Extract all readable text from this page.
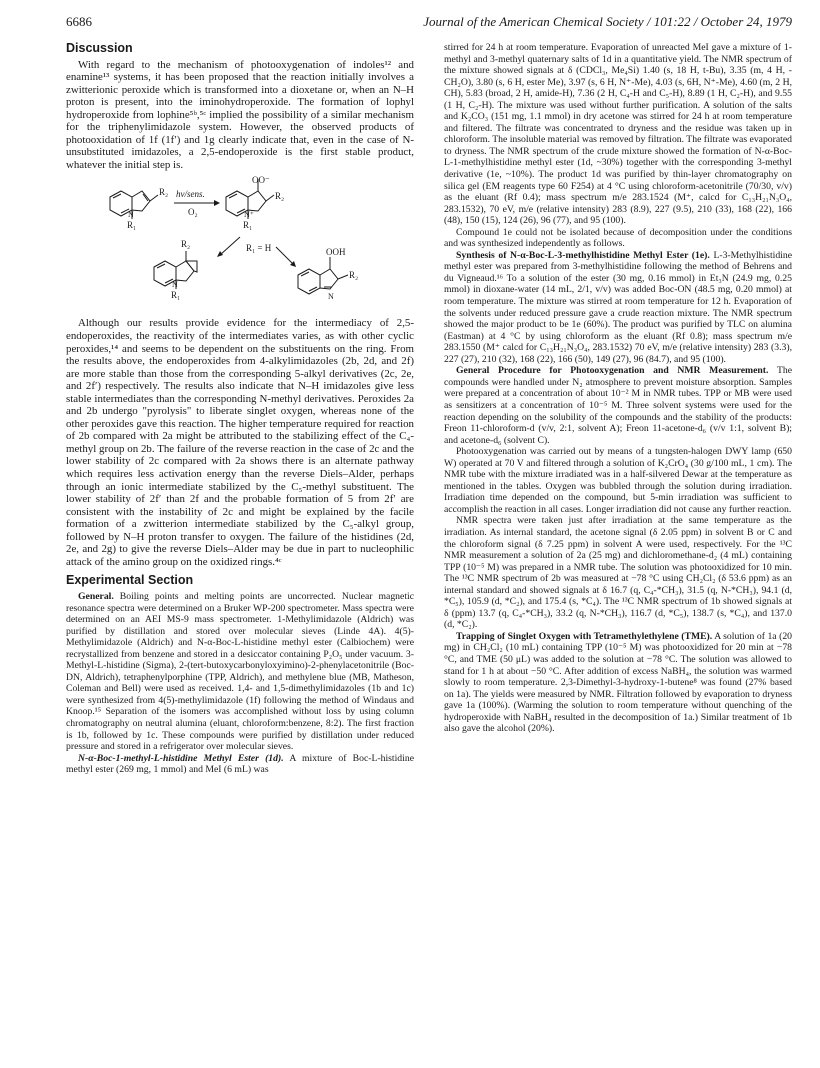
6686	Journal of the American Chemical Society / 101:22 / October 24, 1979
Discussion

With regard to the mechanism of photooxygenation of indoles¹² and enamine¹³ systems, it has been proposed that the reaction initially involves a zwitterionic peroxide which is transformed into a dioxetane or, when an N–H proton is present, into the iminohydroperoxide. The formation of lophyl hydroperoxide from lophine⁵ᵇ,⁵ᶜ implied the possibility of a similar mechanism for the triphenylimidazole system. However, the observed products of photooxidation of 1f (1f′) and 1g clearly indicate that, even in the case of N-unsubstituted imidazoles, a 2,5-endoperoxide is the first stable product, whatever the initial step is.

R₂
N
R₁
hν/sens.
O₂
OO⁻
R₂
N⁺
R₁
R₁ = H
R₂
N
R₁
OOH
R₂
N

Although our results provide evidence for the intermediacy of 2,5-endoperoxides, the reactivity of the intermediates varies, as with other cyclic peroxides,¹⁴ and seems to be dependent on the substituents on the ring. From the results above, the endoperoxides from 4-alkylimidazoles (2b, 2d, and 2f) are more stable than those from the corresponding 5-alkyl derivatives (2c, 2e, and 2f′) respectively. The results also indicate that N–H imidazoles give less stable intermediates than the corresponding N-methyl derivatives. Peroxides 2a and 2b undergo "pyrolysis" to liberate singlet oxygen, whereas none of the other peroxides gave this reaction. The higher temperature required for reaction of 2b compared with 2a might be attributed to the stabilizing effect of the C₄-methyl group on 2b. The failure of the reverse reaction in the case of 2c and the lower stability of 2c compared with 2a shows there is an alternate pathway which requires less activation energy than the reverse Diels–Alder, perhaps through an ionic intermediate stabilized by the C₅-methyl substituent. The lower stability of 2f′ than 2f and the probable formation of 5 from 2f′ are consistent with the instability of 2c and might be explained by the facile formation of a zwitterion intermediate stabilized by the C₅-alkyl group, followed by N–H proton transfer to oxygen. The failure of the histidines (2d, 2e, and 2g) to give the reverse Diels–Alder may be due in part to nucleophilic attack of the amino group on the oxidized rings.⁴ᶜ

Experimental Section

General. Boiling points and melting points are uncorrected. Nuclear magnetic resonance spectra were determined on a Bruker WP-200 spectrometer. Mass spectra were determined on an AEI MS-9 mass spectrometer. 1-Methylimidazole (Aldrich) was purified by distillation and stored over molecular sieves (Linde 4A). 4(5)-Methylimidazole (Aldrich) and N-α-Boc-L-histidine methyl ester (Calbiochem) were recrystallized from benzene and stored in a desiccator containing P₂O₅ under vacuum. 3-Methyl-L-histidine (Sigma), 2-(tert-butoxycarbonyloxyimino)-2-phenylacetonitrile (Boc-DN, Aldrich), tetraphenylporphine (TPP, Aldrich), and methylene blue (MB, Matheson, Coleman and Bell) were used as received. 1,4- and 1,5-dimethylimidazoles (1b and 1c) were synthesized from 4(5)-methylimidazole (1f) following the method of Windaus and Knoop.¹⁵ Separation of the isomers was accomplished without loss by using column chromatography on neutral alumina (eluant, chloroform:benzene, 8:2). The first fraction is 1b, followed by 1c. These compounds were purified by distillation under reduced pressure and stored in a refrigerator over molecular sieves.

N-α-Boc-1-methyl-L-histidine Methyl Ester (1d). A mixture of Boc-L-histidine methyl ester (269 mg, 1 mmol) and MeI (6 mL) was

stirred for 24 h at room temperature. Evaporation of unreacted MeI gave a mixture of 1-methyl and 3-methyl quaternary salts of 1d in a quantitative yield. The NMR spectrum of the mixture showed signals at δ (CDCl₃, Me₄Si) 1.40 (s, 18 H, t-Bu), 3.35 (m, 4 H, -CH₂O), 3.80 (s, 6 H, ester Me), 3.97 (s, 6 H, N⁺-Me), 4.03 (s, 6H, N⁺-Me), 4.60 (m, 2 H, CH), 5.83 (broad, 2 H, amide-H), 7.36 (2 H, C₄-H and C₅-H), 8.89 (1 H, C₂-H), and 9.55 (1 H, C₂-H). The mixture was used without further purification. A solution of the salts and K₂CO₃ (151 mg, 1.1 mmol) in dry acetone was stirred for 24 h at room temperature and filtered. The filtrate was concentrated to dryness and the residue was taken up in chloroform. The insoluble material was removed by filtration. The filtrate was evaporated to dryness. The NMR spectrum of the crude mixture showed the formation of N-α-Boc-L-1-methylhistidine methyl ester (1d, ~30%) together with the corresponding 3-methyl derivative (1e, ~10%). The product 1d was purified by thin-layer chromatography on silica gel (EM reagents type 60 F254) at 4 °C using chloroform-acetonitrile (70/30, v/v) as the eluant (Rf 0.4); mass spectrum m/e 283.1524 (M⁺, calcd for C₁₃H₂₁N₃O₄, 283.1532), 70 eV, m/e (relative intensity) 283 (8.9), 227 (9.5), 210 (33), 168 (22), 166 (48), 150 (15), 124 (26), 96 (77), and 95 (100).

Compound 1e could not be isolated because of decomposition under the conditions and was synthesized independently as follows.

Synthesis of N-α-Boc-L-3-methylhistidine Methyl Ester (1e). L-3-Methylhistidine methyl ester was prepared from 3-methylhistidine following the method of Behrens and du Vigneaud.¹⁶ To a solution of the ester (30 mg, 0.16 mmol) in Et₃N (24.9 mg, 0.25 mmol) in dioxane-water (14 mL, 2/1, v/v) was added Boc-ON (48.5 mg, 0.20 mmol) at room temperature. The mixture was stirred at room temperature for 12 h. Evaporation of the solvents under reduced pressure gave a crude reaction mixture. The NMR spectrum showed the major product to be 1e (60%). The product was purified by TLC on alumina (Eastman) at 4 °C by using chloroform as the eluant (Rf 0.8); mass spectrum m/e 283.1550 (M⁺ calcd for C₁₃H₂₁N₃O₄, 283.1532) 70 eV, m/e (relative intensity) 283 (3.3), 227 (27), 210 (32), 168 (22), 166 (50), 149 (27), 96 (84.7), and 95 (100).

General Procedure for Photooxygenation and NMR Measurement. The compounds were handled under N₂ atmosphere to prevent moisture absorption. Samples were prepared at a concentration of about 10⁻² M in NMR tubes. TPP or MB were used as sensitizers at a concentration of 10⁻⁵ M. Three solvent systems were used for the reaction depending on the solubility of the compounds and the stability of the products: Freon 11-chloroform-d (v/v, 2:1, solvent A); Freon 11-acetone-d₆ (v/v 1:1, solvent B); and acetone-d₆ (solvent C).

Photooxygenation was carried out by means of a tungsten-halogen DWY lamp (650 W) operated at 70 V and filtered through a solution of K₂CrO₄ (30 g/100 mL, 1 cm). The NMR tube with the mixture irradiated was in a half-silvered Dewar at the temperature as mentioned in the tables. Oxygen was bubbled through the solution during irradiation. Irradiation time depended on the compound, but 5-min irradiation was sufficient to accomplish the reaction in all cases. Longer irradiation did not cause any further reaction.

NMR spectra were taken just after irradiation at the same temperature as the irradiation. As internal standard, the acetone signal (δ 2.05 ppm) in solvent B or C and the chloroform signal (δ 7.25 ppm) in solvent A were used, respectively. For the ¹³C NMR measurement a solution of 2a (25 mg) and dichloromethane-d₂ (4 mL) containing TPP (10⁻⁵ M) was prepared in a NMR tube. The solution was photooxidized for 10 min. The ¹³C NMR spectrum of 2b was measured at −78 °C using CH₂Cl₂ (δ 53.6 ppm) as an internal standard and showed signals at δ 16.7 (q, C₄-*CH₃), 31.5 (q, N-*CH₃), 94.1 (d, *C₅), 105.9 (d, *C₂), and 175.4 (s, *C₄). The ¹³C NMR spectrum of 1b showed signals at δ (ppm) 13.7 (q, C₄-*CH₃), 33.2 (q, N-*CH₃), 116.7 (d, *C₅), 138.7 (s, *C₄), and 137.0 (d, *C₂).

Trapping of Singlet Oxygen with Tetramethylethylene (TME). A solution of 1a (20 mg) in CH₂Cl₂ (10 mL) containing TPP (10⁻⁵ M) was photooxidized for 20 min at −78 °C, and TME (50 μL) was added to the solution at −78 °C. The solution was allowed to stand for 1 h at about −50 °C. After addition of excess NaBH₄, the solution was warmed slowly to room temperature. 2,3-Dimethyl-3-hydroxy-1-butene⁸ was found (27% based on 1a). The yields were measured by NMR. Filtration followed by evaporation to dryness gave 1a (100%). (Warming the solution to room temperature without quenching of the hydroperoxide with NaBH₄ resulted in the decomposition of 1a.) Similar treatment of 1b also gave the alcohol (20%).
